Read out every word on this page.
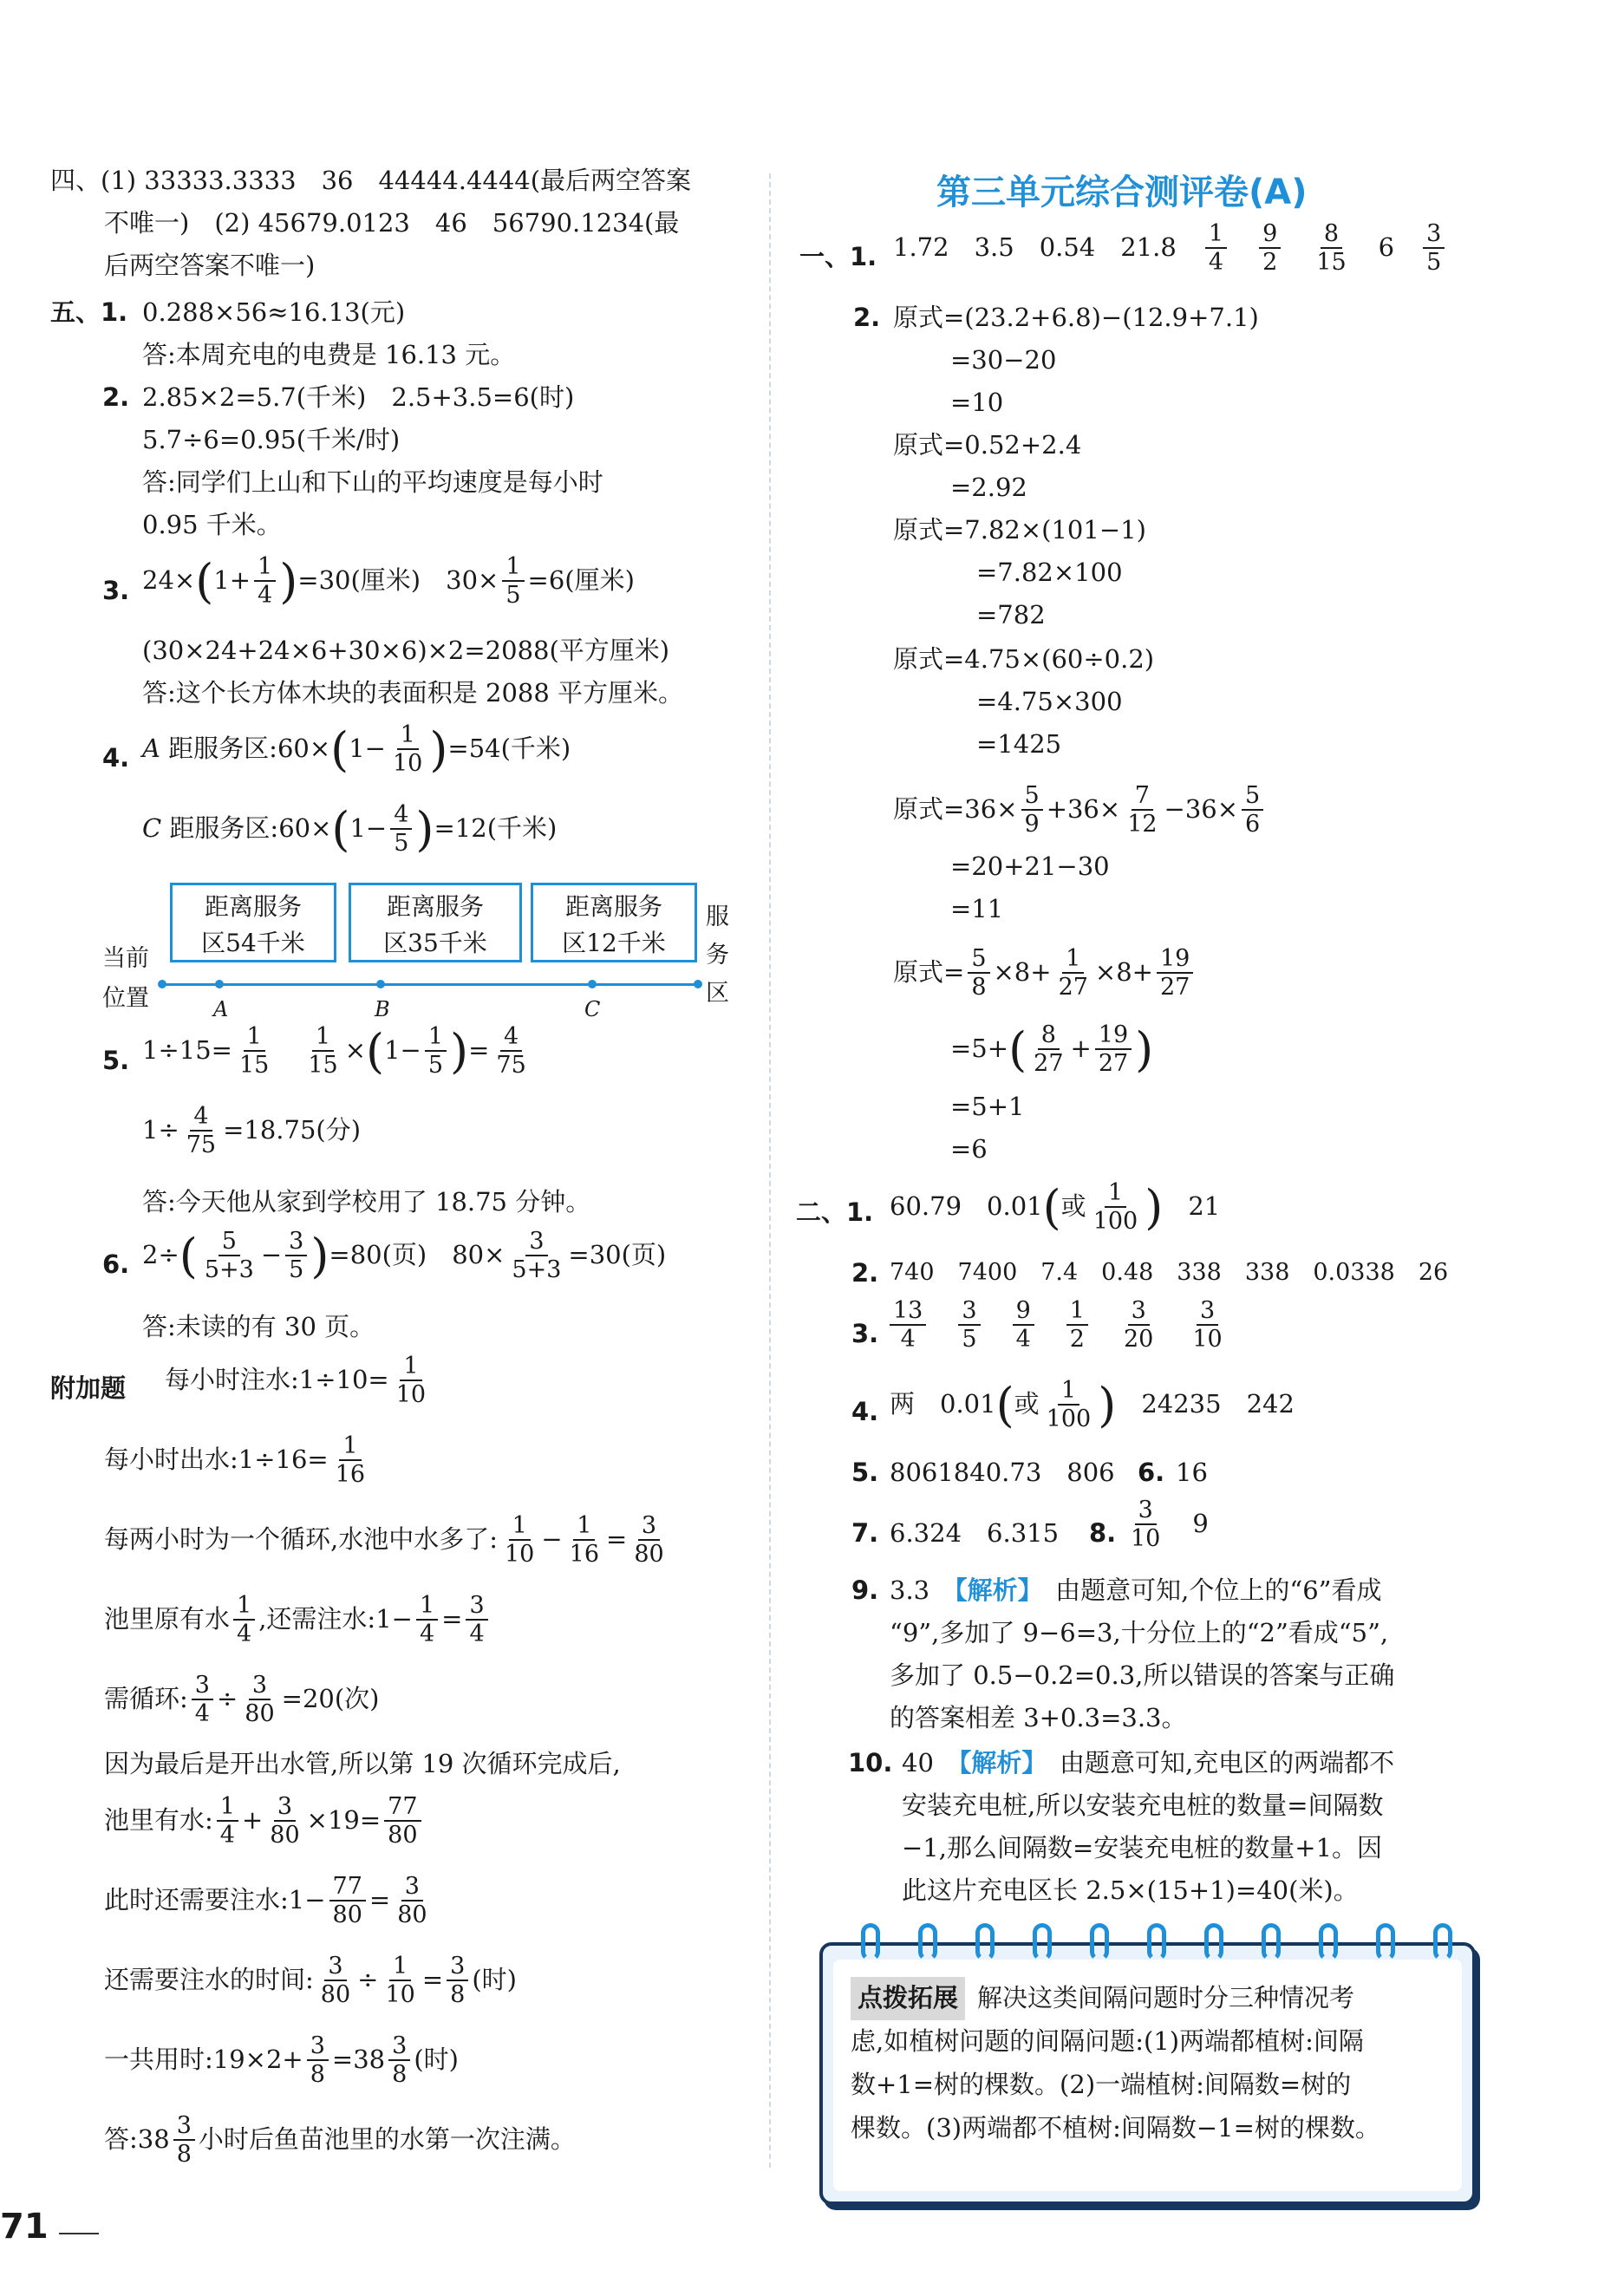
四、(1) 33333.3333　36　44444.4444(最后两空答案
不唯一)　(2) 45679.0123　46　56790.1234(最
后两空答案不唯一)
五、1. 0.288×56≈16.13(元)
答:本周充电的电费是 16.13 元。
2. 2.85×2=5.7(千米)　2.5+3.5=6(时)
5.7÷6=0.95(千米/时)
答:同学们上山和下山的平均速度是每小时
0.95 千米。
3. $24\times(1+ \frac{1}{4} )=30$(厘米)　$30\times \frac{1}{5} =6$(厘米)
(30×24+24×6+30×6)×2=2088(平方厘米)
答:这个长方体木块的表面积是 2088 平方厘米。
4. A 距服务区:60×(1− $\frac{1}{10} )=54$(千米)
C 距服务区:60×(1− $\frac{4}{5} )=12$(千米)
距离服务
区54千米
距离服务
区35千米
距离服务
区12千米
A	B	C
当前
位置
服
务
区
5. $1\div 15= \frac{1}{15}$
　 $\frac{1}{15} \times(1- \frac{1}{5}$ )= $\frac{4}{75}$
$1\div \frac{4}{75} =18.75$(分)
答:今天他从家到学校用了 18.75 分钟。
6. $2\div( \frac{5}{5+3} - \frac{3}{5} )=80$(页)　$80\times \frac{3}{5+3} =30$(页)
答:未读的有 30 页。
附加题 每小时注水:1÷10= $\frac{1}{10}$
每小时出水:1÷16= $\frac{1}{16}$
每两小时为一个循环,水池中水多了: $\frac{1}{10} - \frac{1}{16} = \frac{3}{80}$
池里原有水 $\frac{1}{4}$ ,还需注水:1− $\frac{1}{4} = \frac{3}{4}$
需循环: $\frac{3}{4} \div \frac{3}{80} =20$(次)
因为最后是开出水管,所以第 19 次循环完成后,
池里有水: $\frac{1}{4} + \frac{3}{80} \times 19= \frac{77}{80}$
此时还需要注水:1− $\frac{77}{80} = \frac{3}{80}$
还需要注水的时间: $\frac{3}{80} \div \frac{1}{10} = \frac{3}{8}$ (时)
一共用时:19×2+ $\frac{3}{8} =38 \frac{3}{8}$ (时)
答:38 $\frac{3}{8}$ 小时后鱼苗池里的水第一次注满。
71
第三单元综合测评卷(A)
一、1. 1.72　3.5　0.54　21.8　 $\frac{1}{4}$
　 $\frac{9}{2}$
　 $\frac{8}{15}$
　 6　 $\frac{3}{5}$
2. 原式=(23.2+6.8)−(12.9+7.1)
=30−20
=10
原式=0.52+2.4
=2.92
原式=7.82×(101−1)
=7.82×100
=782
原式=4.75×(60÷0.2)
=4.75×300
=1425
原式$=36\times \frac{5}{9} +36\times \frac{7}{12} -36\times \frac{5}{6}$
=20+21−30
=11
原式= $\frac{5}{8} \times 8+ \frac{1}{27} \times 8+ \frac{19}{27}$
$=5+( \frac{8}{27} + \frac{19}{27}$ )
=5+1
=6
二、1. 60.79　0.01(或 $\frac{1}{100}$ )　 21
2. 740　7400　7.4　0.48　338　338　0.0338　26
3. $\frac{13}{4}$
　 $\frac{3}{5}$
　 $\frac{9}{4}$
　 $\frac{1}{2}$
　 $\frac{3}{20}$
　 $\frac{3}{10}$
4. 两　0.01(或 $\frac{1}{100}$ )　 24235　242
5. 8061840.73　806 6. 16
7. 6.324　6.315 8. $\frac{3}{10}$
　 9
9. 3.3　 【解析】　 由题意可知,个位上的“6”看成
“9”,多加了 9−6=3,十分位上的“2”看成“5”,
多加了 0.5−0.2=0.3,所以错误的答案与正确
的答案相差 3+0.3=3.3。
10. 40　 【解析】　 由题意可知,充电区的两端都不
安装充电桩,所以安装充电桩的数量=间隔数
−1,那么间隔数=安装充电桩的数量+1。因
此这片充电区长 2.5×(15+1)=40(米)。
点拨拓展 解决这类间隔问题时分三种情况考
虑,如植树问题的间隔问题:(1)两端都植树:间隔
数+1=树的棵数。(2)一端植树:间隔数=树的
棵数。(3)两端都不植树:间隔数−1=树的棵数。
